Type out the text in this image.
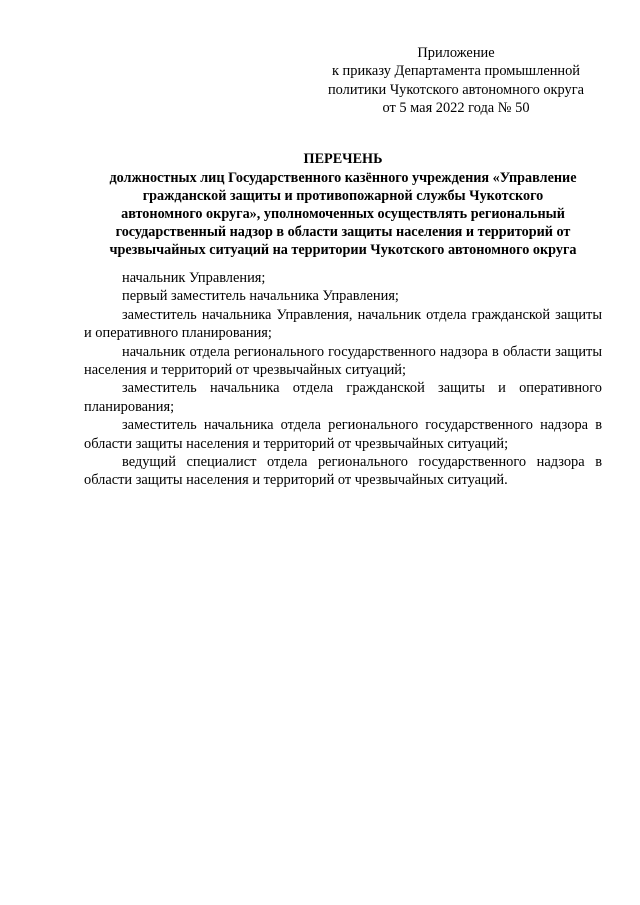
Приложение
к приказу Департамента промышленной
политики Чукотского автономного округа
от 5 мая 2022 года № 50
ПЕРЕЧЕНЬ
должностных лиц Государственного казённого учреждения «Управление
гражданской защиты и противопожарной службы Чукотского
автономного округа», уполномоченных осуществлять региональный
государственный надзор в области защиты населения и территорий от
чрезвычайных ситуаций на территории Чукотского автономного округа

начальник Управления;

первый заместитель начальника Управления;

заместитель начальника Управления, начальник отдела гражданской защиты и оперативного планирования;

начальник отдела регионального государственного надзора в области защиты населения и территорий от чрезвычайных ситуаций;

заместитель начальника отдела гражданской защиты и оперативного планирования;

заместитель начальника отдела регионального государственного надзора в области защиты населения и территорий от чрезвычайных ситуаций;

ведущий специалист отдела регионального государственного надзора в области защиты населения и территорий от чрезвычайных ситуаций.
